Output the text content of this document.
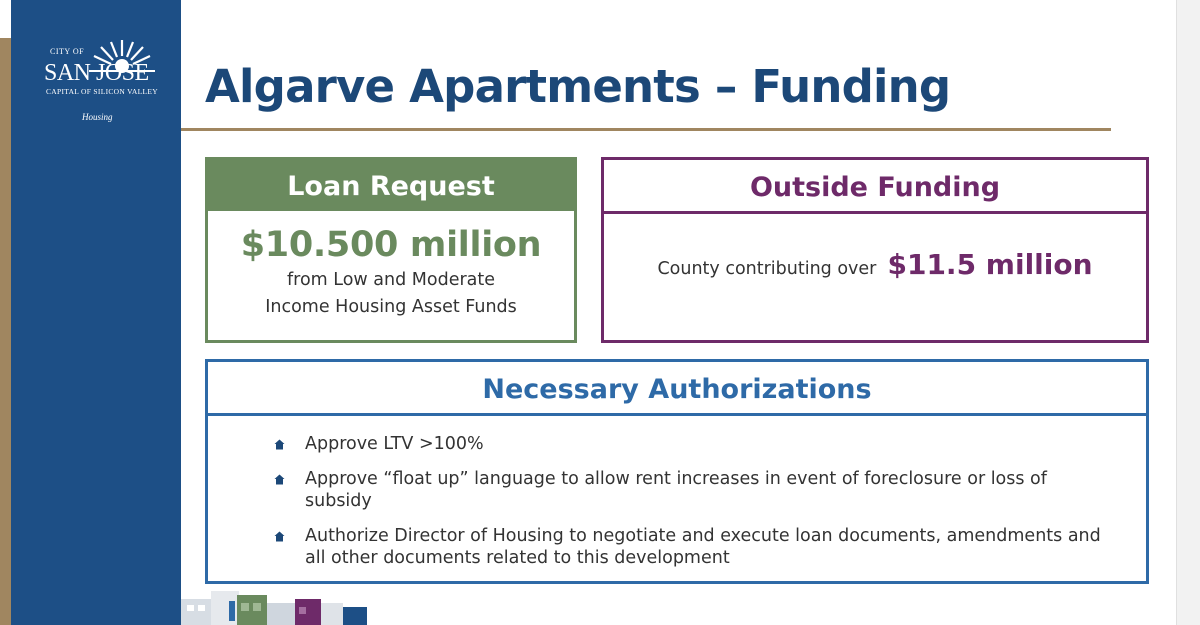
CITY OF
SAN JOSE
CAPITAL OF SILICON VALLEY
Housing
Algarve Apartments – Funding
Loan Request
$10.500 million
from Low and Moderate
Income Housing Asset Funds
Outside Funding
County contributing over $11.5 million
Necessary Authorizations
Approve LTV >100%
Approve “float up” language to allow rent increases in event of foreclosure or loss of subsidy
Authorize Director of Housing to negotiate and execute loan documents, amendments and all other documents related to this development
